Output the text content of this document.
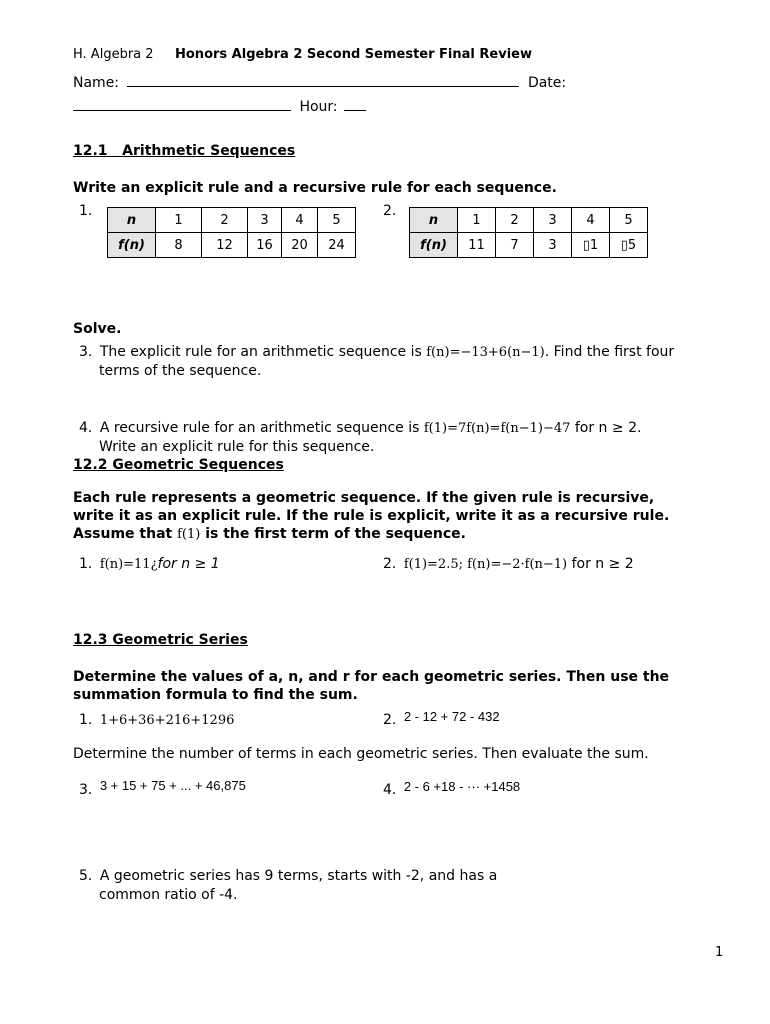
H. Algebra 2 Honors Algebra 2 Second Semester Final Review
Name:	Date:
Hour:
12.1   Arithmetic Sequences
Write an explicit rule and a recursive rule for each sequence.
1.
n	1	2	3	4	5
f(n)	8	12	16	20	24
2.
n	1	2	3	4	5
f(n)	11	7	3	▯1	▯5
Solve.
3. The explicit rule for an arithmetic sequence is f(n)=−13+6(n−1). Find the first four
terms of the sequence.
4. A recursive rule for an arithmetic sequence is f(1)=7f(n)=f(n−1)−47 for n ≥ 2.
Write an explicit rule for this sequence.
12.2 Geometric Sequences
Each rule represents a geometric sequence. If the given rule is recursive,
write it as an explicit rule. If the rule is explicit, write it as a recursive rule.
Assume that f(1) is the first term of the sequence.
1. f(n)=11¿for n ≥ 1	2. f(1)=2.5; f(n)=−2·f(n−1) for n ≥ 2
12.3 Geometric Series
Determine the values of a, n, and r for each geometric series. Then use the
summation formula to find the sum.
1. 1+6+36+216+1296	2. 2 - 12 + 72 - 432
Determine the number of terms in each geometric series. Then evaluate the sum.
3. 3 + 15 + 75 + ... + 46,875	4. 2 - 6 +18 - ··· +1458
5. A geometric series has 9 terms, starts with -2, and has a
common ratio of -4.
1
